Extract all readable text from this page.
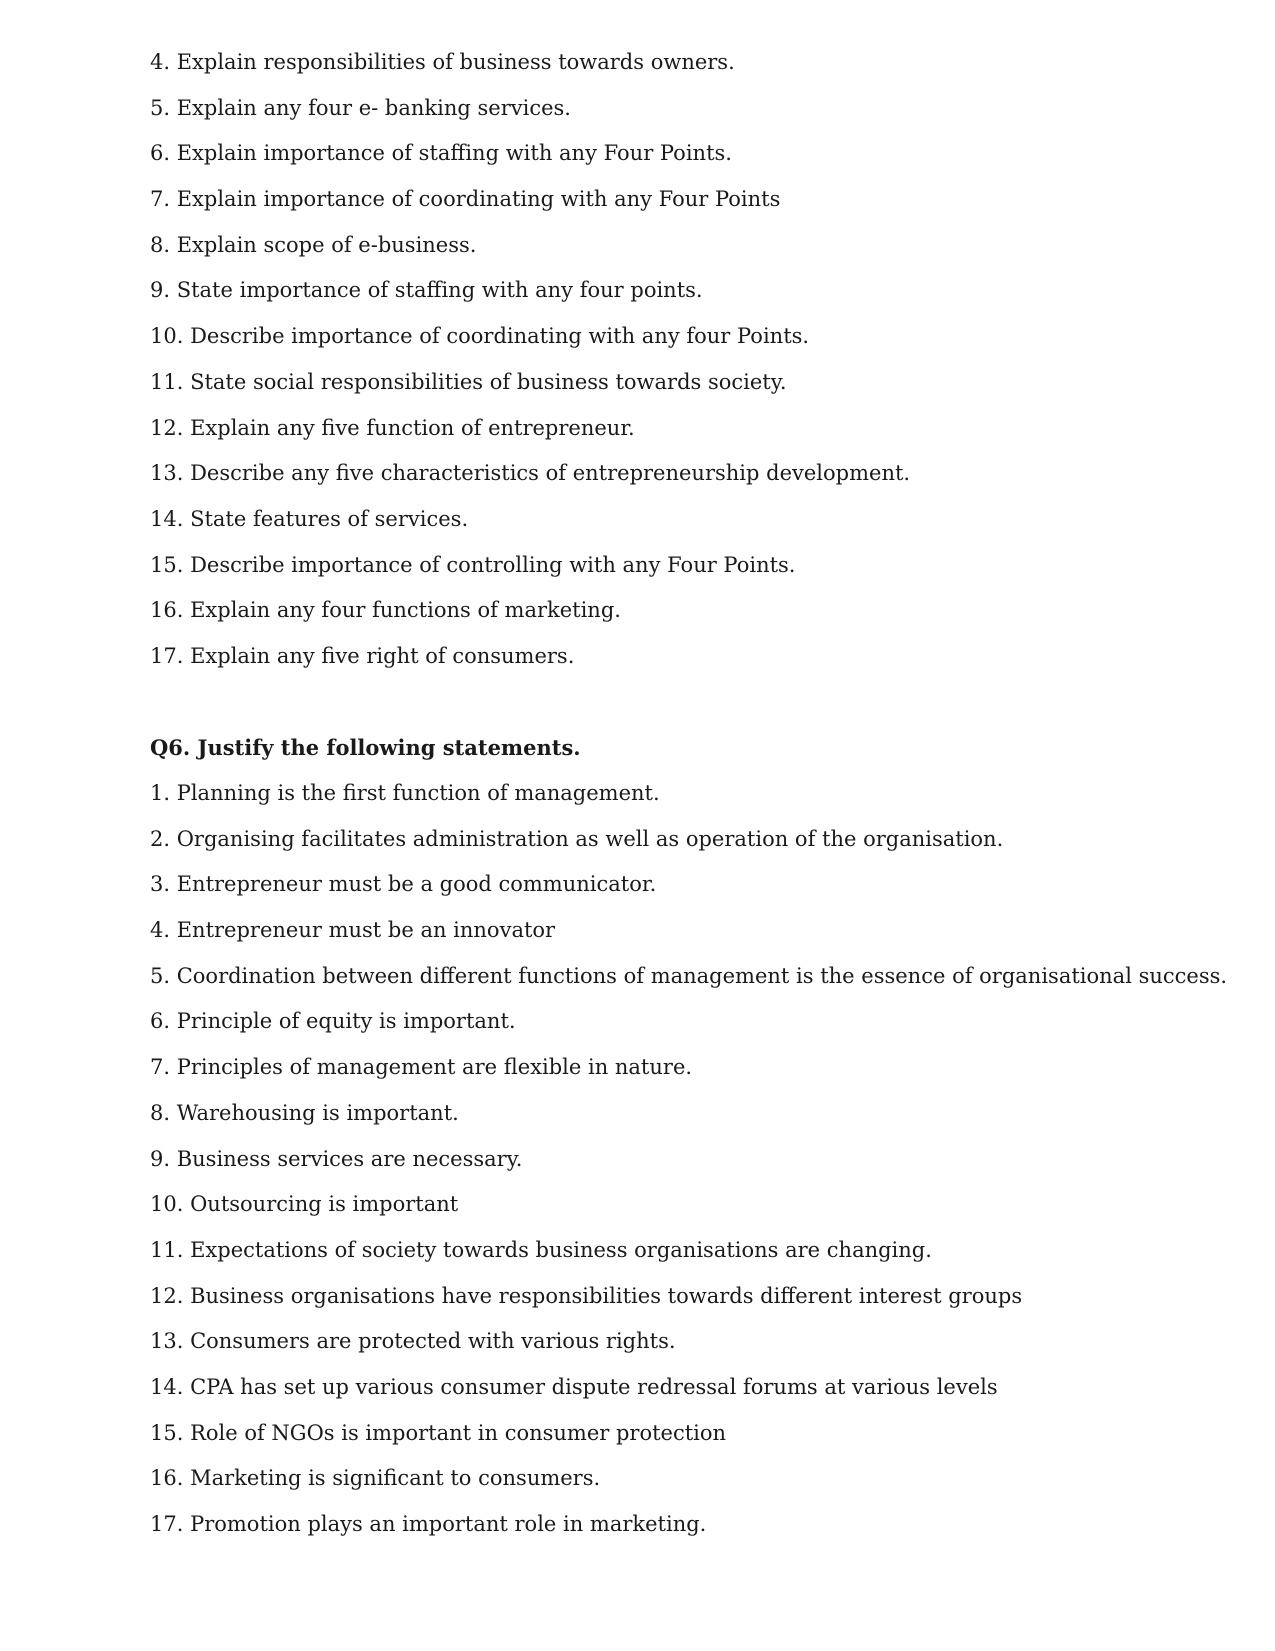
4. Explain responsibilities of business towards owners.

5. Explain any four e- banking services.

6. Explain importance of staffing with any Four Points.

7. Explain importance of coordinating with any Four Points

8. Explain scope of e-business.

9. State importance of staffing with any four points.

10. Describe importance of coordinating with any four Points.

11. State social responsibilities of business towards society.

12. Explain any five function of entrepreneur.

13. Describe any five characteristics of entrepreneurship development.

14. State features of services.

15. Describe importance of controlling with any Four Points.

16. Explain any four functions of marketing.

17. Explain any five right of consumers.

Q6. Justify the following statements.

1. Planning is the first function of management.

2. Organising facilitates administration as well as operation of the organisation.

3. Entrepreneur must be a good communicator.

4. Entrepreneur must be an innovator

5. Coordination between different functions of management is the essence of organisational success.

6. Principle of equity is important.

7. Principles of management are flexible in nature.

8. Warehousing is important.

9. Business services are necessary.

10. Outsourcing is important

11. Expectations of society towards business organisations are changing.

12. Business organisations have responsibilities towards different interest groups

13. Consumers are protected with various rights.

14. CPA has set up various consumer dispute redressal forums at various levels

15. Role of NGOs is important in consumer protection

16. Marketing is significant to consumers.

17. Promotion plays an important role in marketing.
